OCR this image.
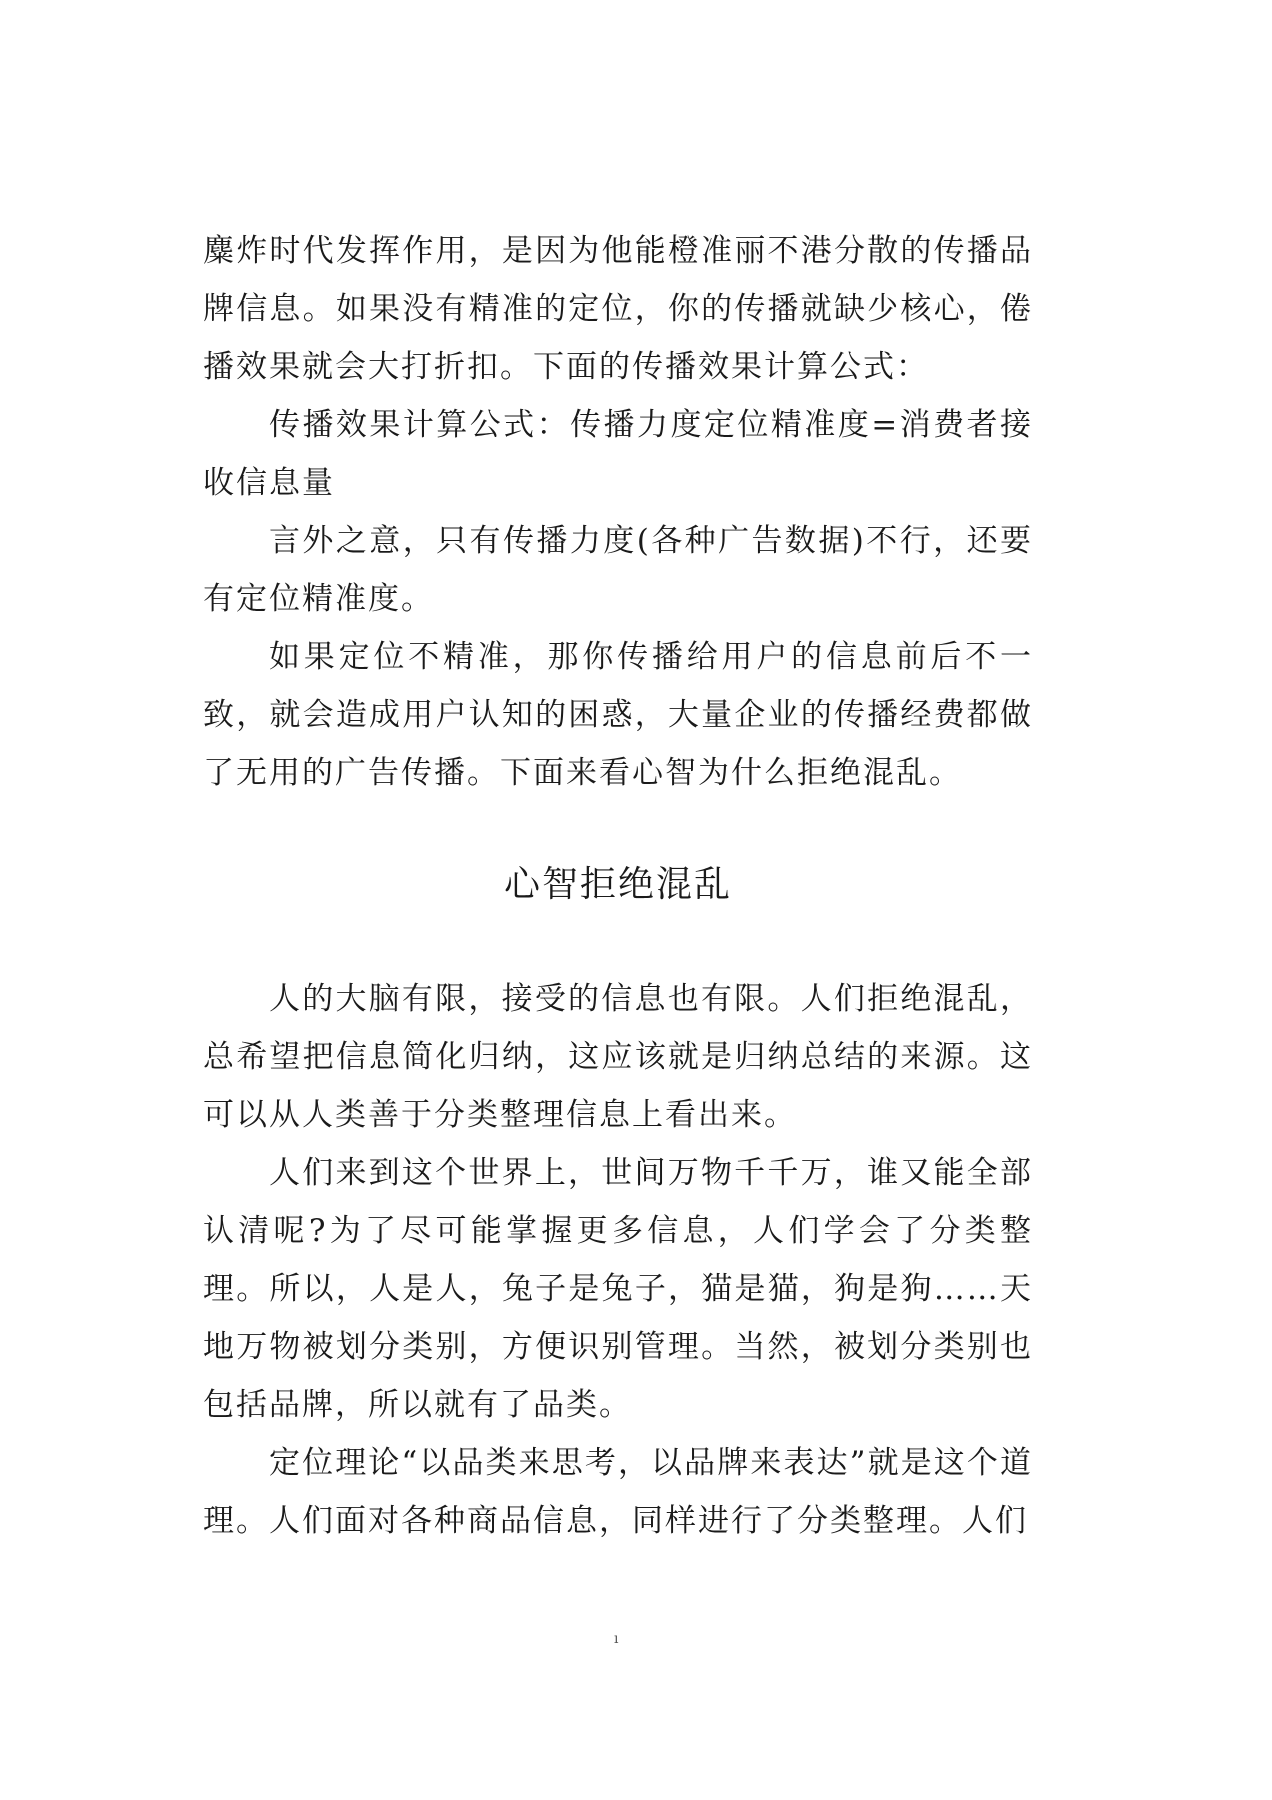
麋炸时代发挥作用，是因为他能橙准丽不港分散的传播品牌信息。如果没有精准的定位，你的传播就缺少核心，倦播效果就会大打折扣。下面的传播效果计算公式：

传播效果计算公式：传播力度定位精准度=消费者接收信息量

言外之意，只有传播力度(各种广告数据)不行，还要有定位精准度。

如果定位不精准，那你传播给用户的信息前后不一致，就会造成用户认知的困惑，大量企业的传播经费都做了无用的广告传播。下面来看心智为什么拒绝混乱。

心智拒绝混乱

人的大脑有限，接受的信息也有限。人们拒绝混乱，总希望把信息简化归纳，这应该就是归纳总结的来源。这可以从人类善于分类整理信息上看出来。

人们来到这个世界上，世间万物千千万，谁又能全部认清呢?为了尽可能掌握更多信息，人们学会了分类整理。所以，人是人，兔子是兔子，猫是猫，狗是狗……天地万物被划分类别，方便识别管理。当然，被划分类别也包括品牌，所以就有了品类。

定位理论“以品类来思考，以品牌来表达”就是这个道理。人们面对各种商品信息，同样进行了分类整理。人们

ı
